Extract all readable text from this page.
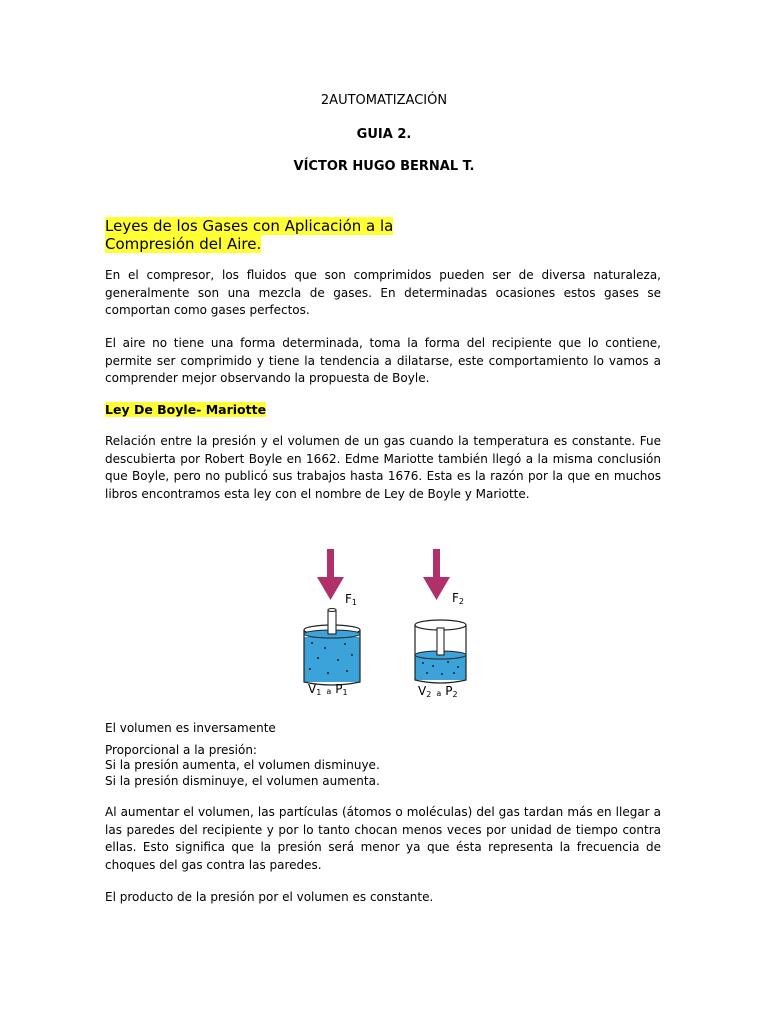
2AUTOMATIZACIÓN
GUIA 2.
VÍCTOR HUGO BERNAL T.
Leyes de los Gases con Aplicación a la
Compresión del Aire.
En el compresor, los fluidos que son comprimidos pueden ser de diversa naturaleza, generalmente son una mezcla de gases. En determinadas ocasiones estos gases se comportan como gases perfectos.
El aire no tiene una forma determinada, toma la forma del recipiente que lo contiene, permite ser comprimido y tiene la tendencia a dilatarse, este comportamiento lo vamos a comprender mejor observando la propuesta de Boyle.
Ley De Boyle- Mariotte
Relación entre la presión y el volumen de un gas cuando la temperatura es constante. Fue descubierta por Robert Boyle en 1662. Edme Mariotte también llegó a la misma conclusión que Boyle, pero no publicó sus trabajos hasta 1676. Esta es la razón por la que en muchos libros encontramos esta ley con el nombre de Ley de Boyle y Mariotte.
F1	F2
V1 a P1	V2 a P2
El volumen es inversamente
Proporcional a la presión:
Si la presión aumenta, el volumen disminuye.
Si la presión disminuye, el volumen aumenta.
Al aumentar el volumen, las partículas (átomos o moléculas) del gas tardan más en llegar a las paredes del recipiente y por lo tanto chocan menos veces por unidad de tiempo contra ellas. Esto significa que la presión será menor ya que ésta representa la frecuencia de choques del gas contra las paredes.
El producto de la presión por el volumen es constante.
